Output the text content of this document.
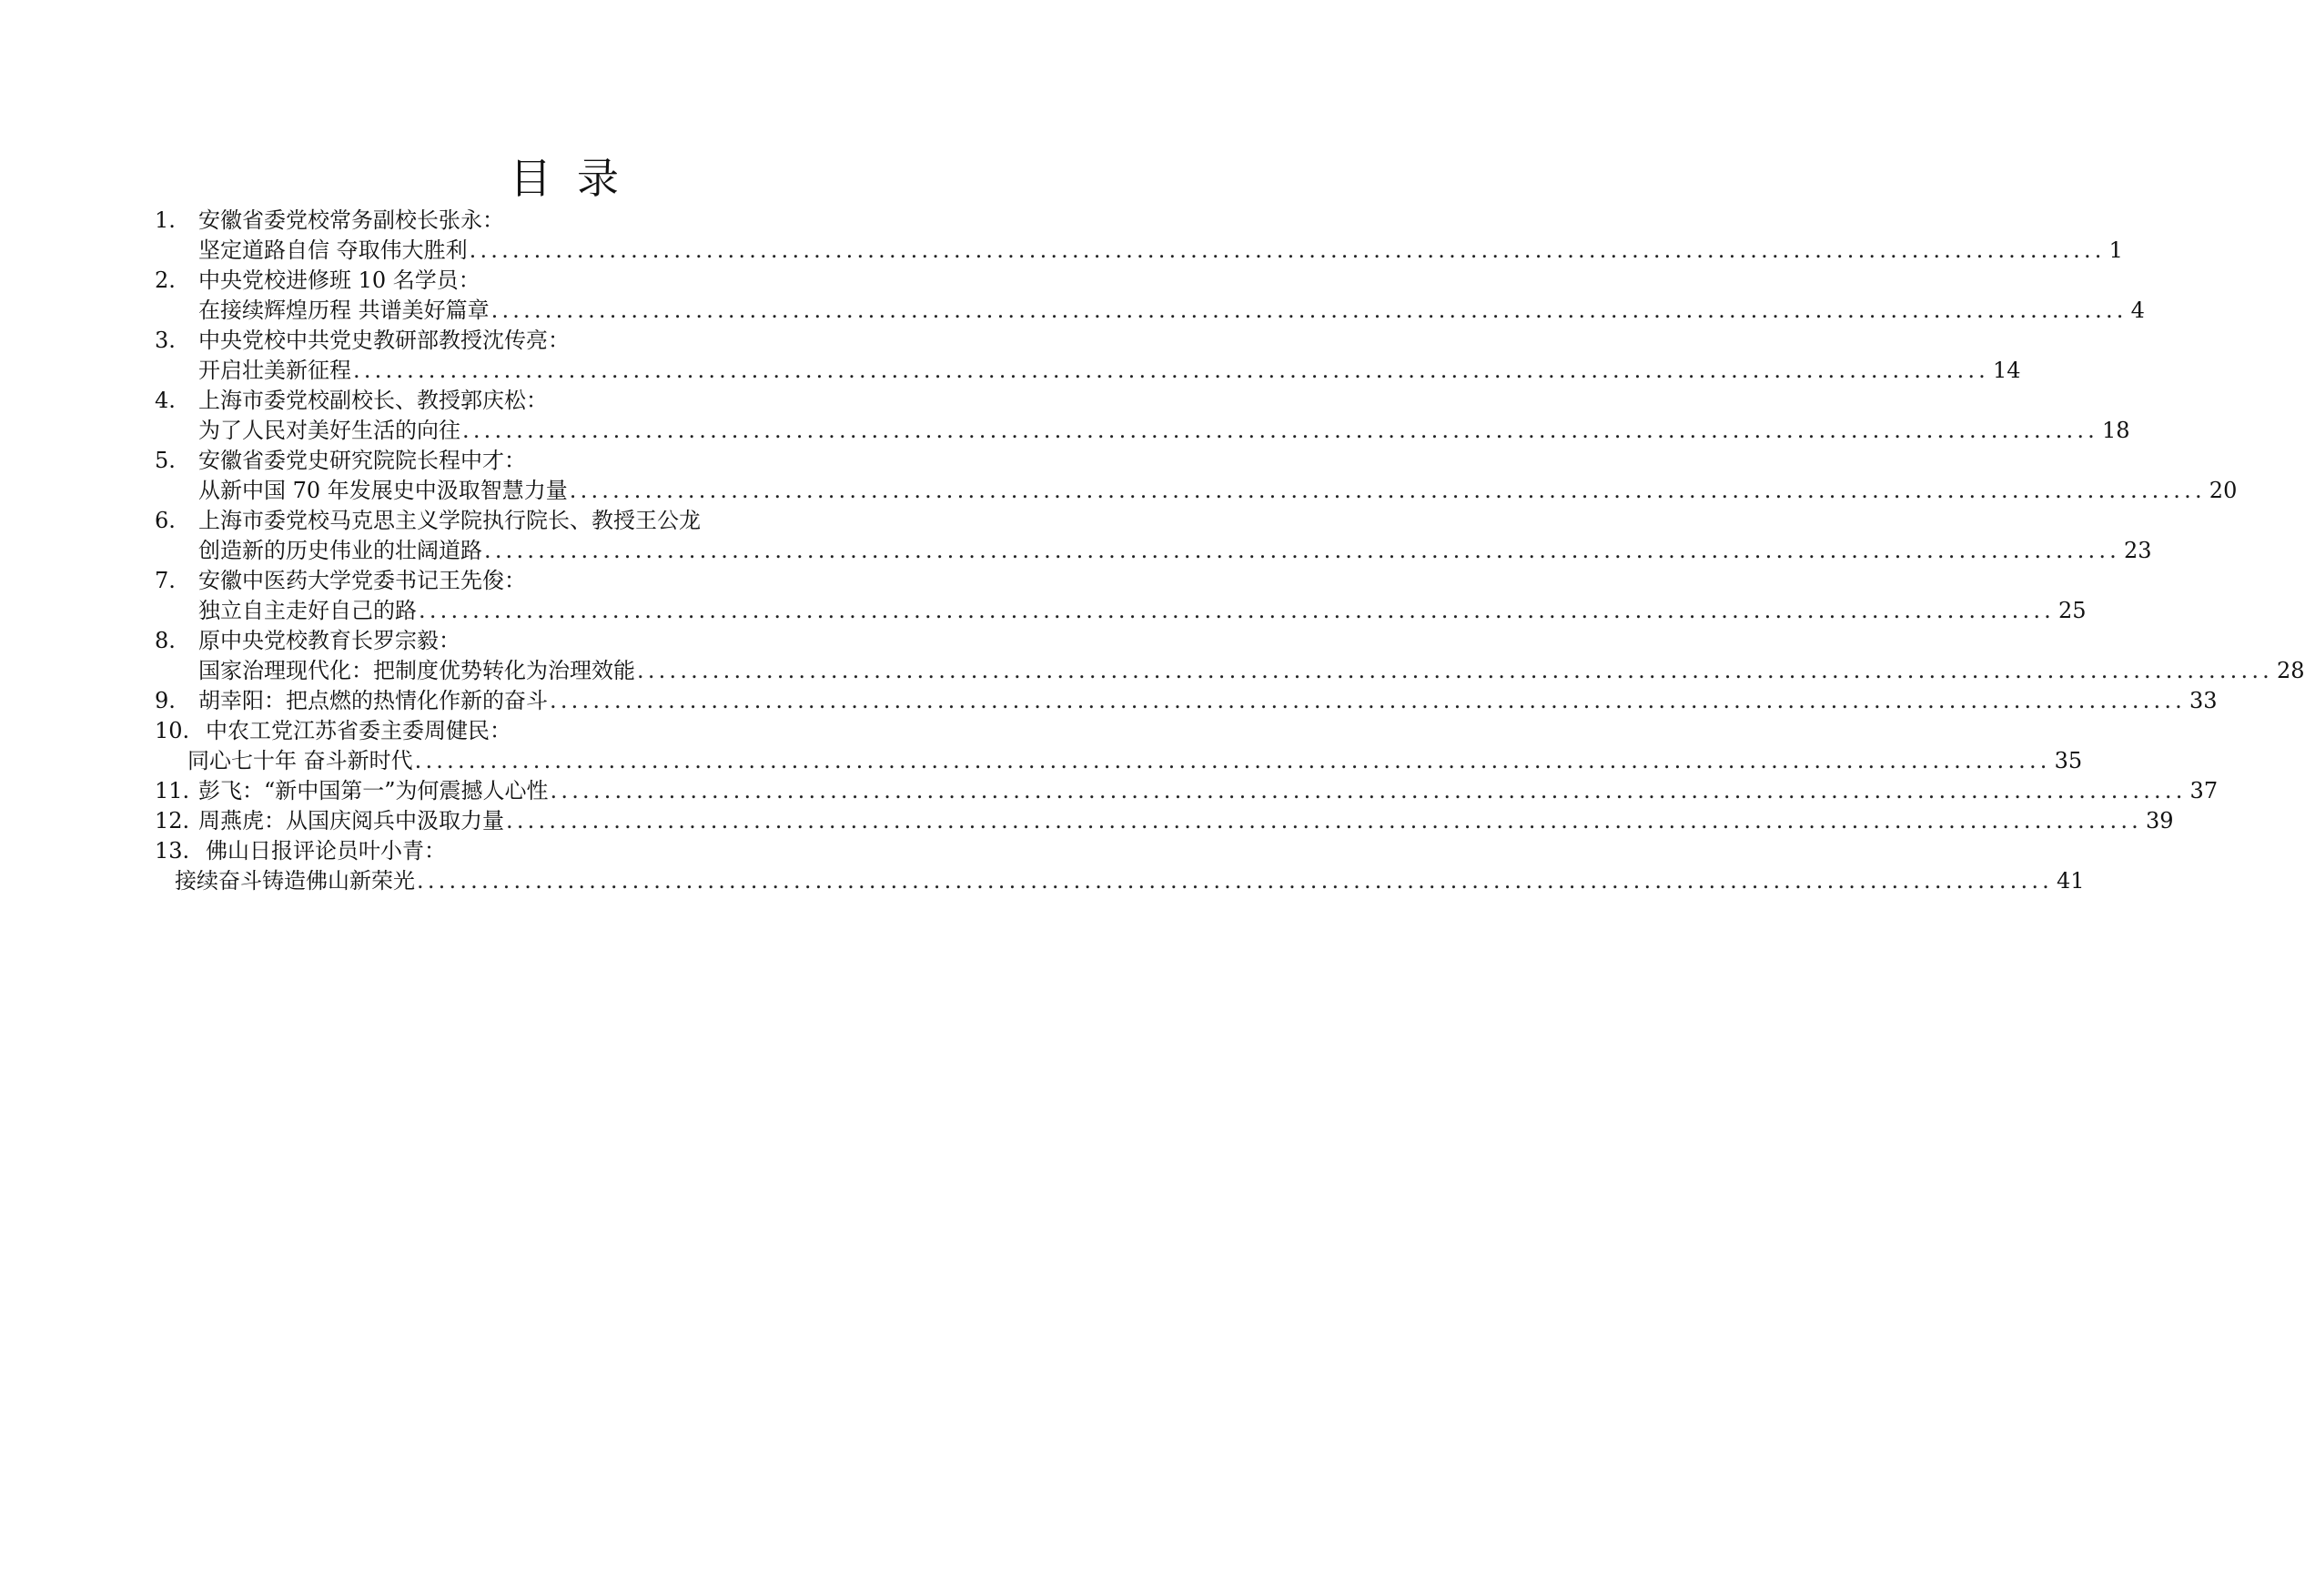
目 录
1. 安徽省委党校常务副校长张永：
坚定道路自信 夺取伟大胜利 ........................................................................................................................................................ 1
2. 中央党校进修班 10 名学员：
在接续辉煌历程 共谱美好篇章 ........................................................................................................................................................ 4
3. 中央党校中共党史教研部教授沈传亮：
开启壮美新征程 ........................................................................................................................................................ 14
4. 上海市委党校副校长、教授郭庆松：
为了人民对美好生活的向往 ........................................................................................................................................................ 18
5. 安徽省委党史研究院院长程中才：
从新中国 70 年发展史中汲取智慧力量 ........................................................................................................................................................ 20
6. 上海市委党校马克思主义学院执行院长、教授王公龙
创造新的历史伟业的壮阔道路 ........................................................................................................................................................ 23
7. 安徽中医药大学党委书记王先俊：
独立自主走好自己的路 ........................................................................................................................................................ 25
8. 原中央党校教育长罗宗毅：
国家治理现代化：把制度优势转化为治理效能 ........................................................................................................................................................ 28
9.	胡幸阳：把点燃的热情化作新的奋斗 ........................................................................................................................................................ 33
10. 中农工党江苏省委主委周健民：
同心七十年 奋斗新时代 ........................................................................................................................................................ 35
11. 彭飞：“新中国第一”为何震撼人心性 ........................................................................................................................................................ 37
12. 周燕虎：从国庆阅兵中汲取力量 ........................................................................................................................................................ 39
13. 佛山日报评论员叶小青：
接续奋斗铸造佛山新荣光 ........................................................................................................................................................ 41
